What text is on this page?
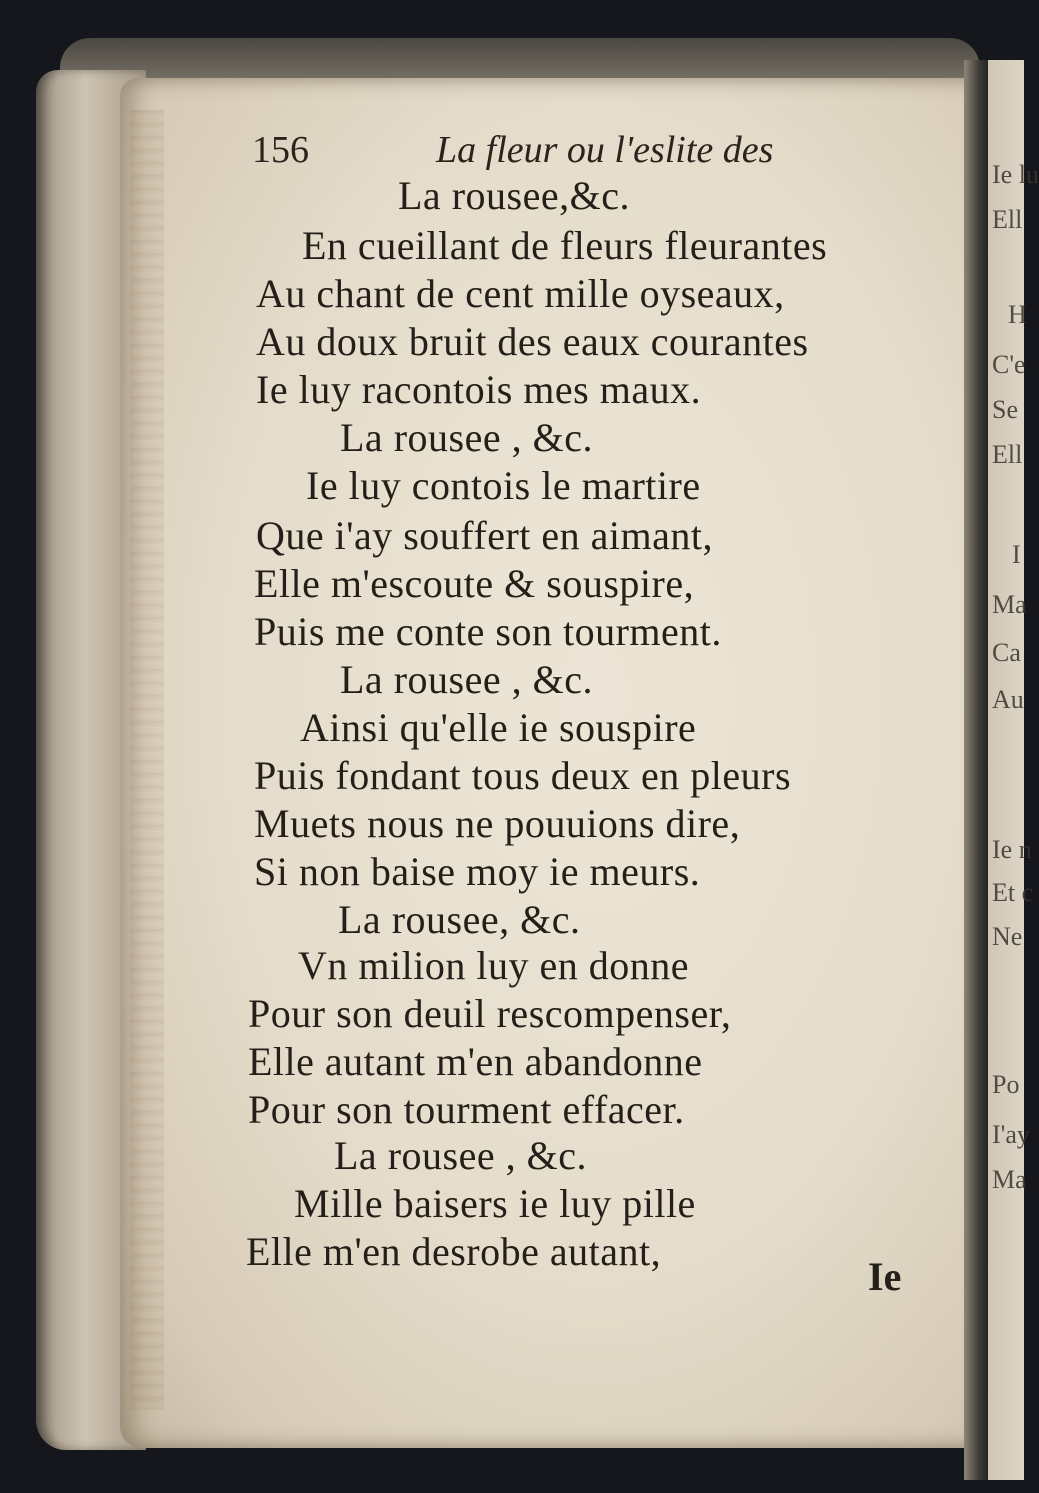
Ie lu
Ell
H
C'e
Se
Ell
I
Ma
Ca
Au
Ie n
Et c
Ne
Po
I'ay
Ma
156	La fleur ou l'eslite des
La rousee,&c.
En cueillant de fleurs fleurantes
Au chant de cent mille oyseaux,
Au doux bruit des eaux courantes
Ie luy racontois mes maux.
La rousee , &c.
Ie luy contois le martire
Que i'ay souffert en aimant,
Elle m'escoute & souspire,
Puis me conte son tourment.
La rousee , &c.
Ainsi qu'elle ie souspire
Puis fondant tous deux en pleurs
Muets nous ne pouuions dire,
Si non baise moy ie meurs.
La rousee, &c.
Vn milion luy en donne
Pour son deuil rescompenser,
Elle autant m'en abandonne
Pour son tourment effacer.
La rousee , &c.
Mille baisers ie luy pille
Elle m'en desrobe autant,
Ie
